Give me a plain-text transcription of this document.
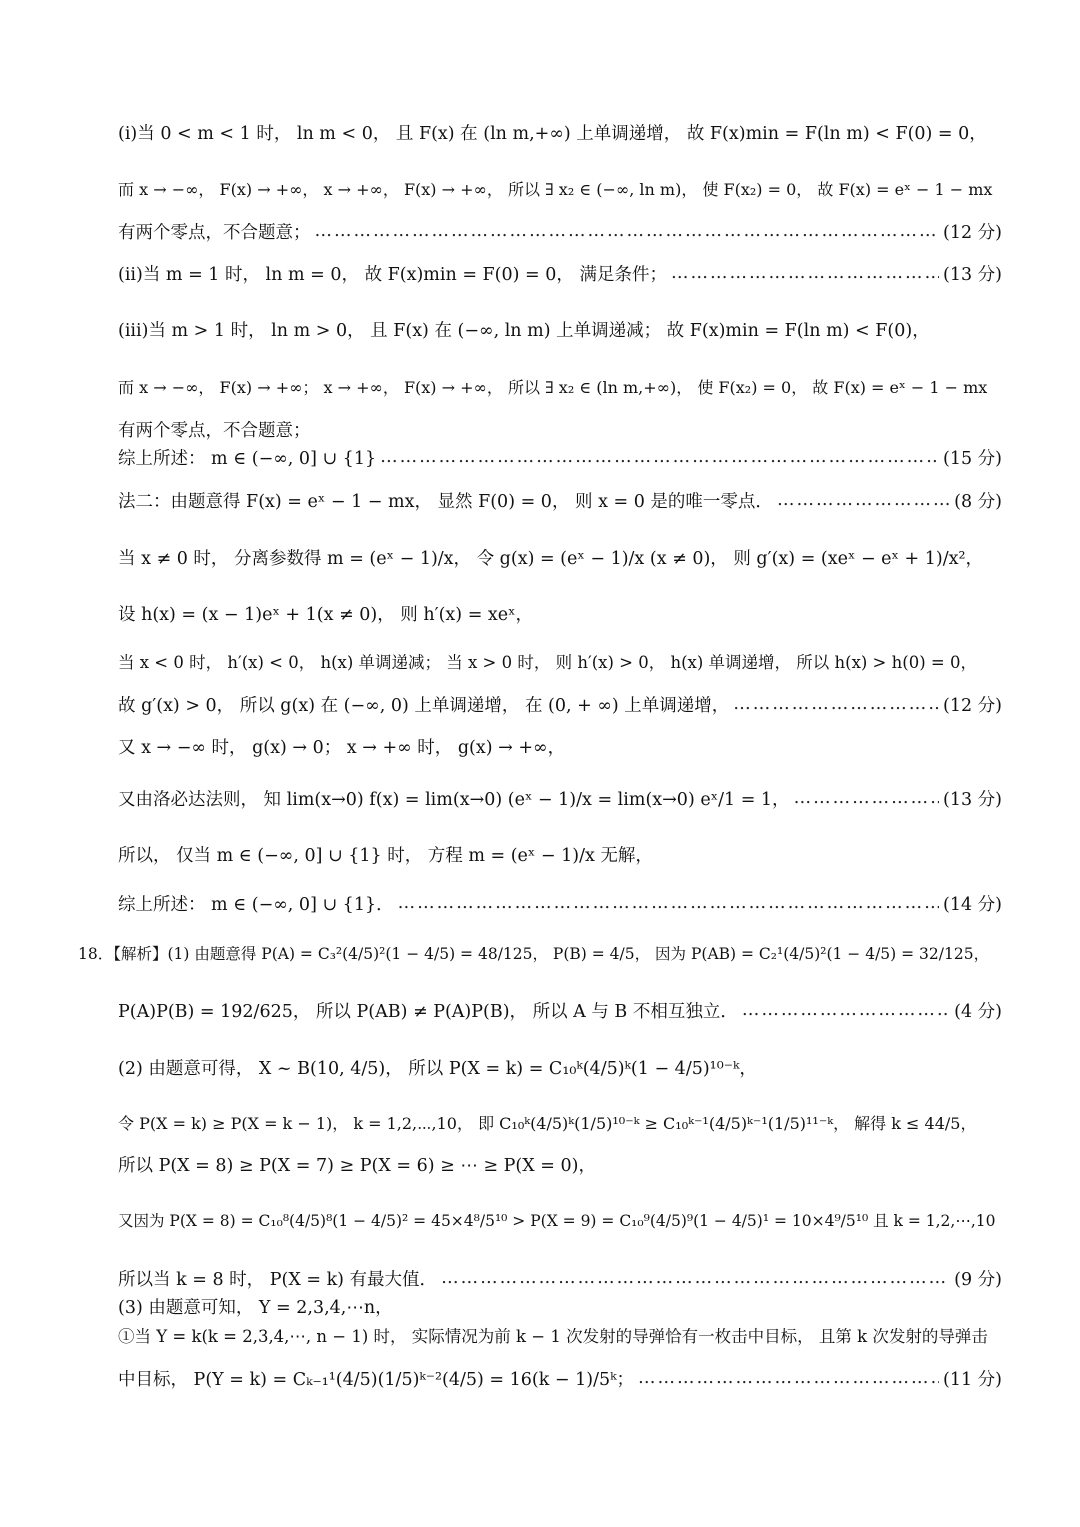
(i)当 0 < m < 1 时， ln m < 0， 且 F(x) 在 (ln m,+∞) 上单调递增， 故 F(x)min = F(ln m) < F(0) = 0，
而 x → −∞， F(x) → +∞， x → +∞， F(x) → +∞， 所以 ∃ x₂ ∈ (−∞, ln m)， 使 F(x₂) = 0， 故 F(x) = eˣ − 1 − mx
有两个零点，不合题意； …………………………………………………………………………………………………………………………………………………………………………………………………………………………………………………………	(12 分)
(ii)当 m = 1 时， ln m = 0， 故 F(x)min = F(0) = 0， 满足条件； …………………………………………………………………………………………………………………………………………………………………………………………………………………………………………………………	(13 分)
(iii)当 m > 1 时， ln m > 0， 且 F(x) 在 (−∞, ln m) 上单调递减； 故 F(x)min = F(ln m) < F(0)，
而 x → −∞， F(x) → +∞； x → +∞， F(x) → +∞， 所以 ∃ x₂ ∈ (ln m,+∞)， 使 F(x₂) = 0， 故 F(x) = eˣ − 1 − mx
有两个零点，不合题意；
综上所述： m ∈ (−∞, 0] ∪ {1} …………………………………………………………………………………………………………………………………………………………………………………………………………………………………………………………	(15 分)
法二：由题意得 F(x) = eˣ − 1 − mx， 显然 F(0) = 0， 则 x = 0 是的唯一零点． …………………………………………………………………………………………………………………………………………………………………………………………………………………………………………………………	(8 分)
当 x ≠ 0 时， 分离参数得 m = (eˣ − 1)/x， 令 g(x) = (eˣ − 1)/x (x ≠ 0)， 则 g′(x) = (xeˣ − eˣ + 1)/x²，
设 h(x) = (x − 1)eˣ + 1(x ≠ 0)， 则 h′(x) = xeˣ，
当 x < 0 时， h′(x) < 0， h(x) 单调递减； 当 x > 0 时， 则 h′(x) > 0， h(x) 单调递增， 所以 h(x) > h(0) = 0，
故 g′(x) > 0， 所以 g(x) 在 (−∞, 0) 上单调递增， 在 (0, + ∞) 上单调递增， …………………………………………………………………………………………………………………………………………………………………………………………………………………………………………………………	(12 分)
又 x → −∞ 时， g(x) → 0； x → +∞ 时， g(x) → +∞，
又由洛必达法则， 知 lim(x→0) f(x) = lim(x→0) (eˣ − 1)/x = lim(x→0) eˣ/1 = 1， …………………………………………………………………………………………………………………………………………………………………………………………………………………………………………………………	(13 分)
所以， 仅当 m ∈ (−∞, 0] ∪ {1} 时， 方程 m = (eˣ − 1)/x 无解，
综上所述： m ∈ (−∞, 0] ∪ {1}． …………………………………………………………………………………………………………………………………………………………………………………………………………………………………………………………	(14 分)
18．【解析】(1) 由题意得 P(A) = C₃²(4/5)²(1 − 4/5) = 48/125， P(B) = 4/5， 因为 P(AB) = C₂¹(4/5)²(1 − 4/5) = 32/125，
P(A)P(B) = 192/625， 所以 P(AB) ≠ P(A)P(B)， 所以 A 与 B 不相互独立． …………………………………………………………………………………………………………………………………………………………………………………………………………………………………………………………	(4 分)
(2) 由题意可得， X ~ B(10, 4/5)， 所以 P(X = k) = C₁₀ᵏ(4/5)ᵏ(1 − 4/5)¹⁰⁻ᵏ，
令 P(X = k) ≥ P(X = k − 1)， k = 1,2,⋯,10， 即 C₁₀ᵏ(4/5)ᵏ(1/5)¹⁰⁻ᵏ ≥ C₁₀ᵏ⁻¹(4/5)ᵏ⁻¹(1/5)¹¹⁻ᵏ， 解得 k ≤ 44/5，
所以 P(X = 8) ≥ P(X = 7) ≥ P(X = 6) ≥ ⋯ ≥ P(X = 0)，
又因为 P(X = 8) = C₁₀⁸(4/5)⁸(1 − 4/5)² = 45×4⁸/5¹⁰ > P(X = 9) = C₁₀⁹(4/5)⁹(1 − 4/5)¹ = 10×4⁹/5¹⁰ 且 k = 1,2,⋯,10
所以当 k = 8 时， P(X = k) 有最大值． …………………………………………………………………………………………………………………………………………………………………………………………………………………………………………………………	(9 分)
(3) 由题意可知， Y = 2,3,4,⋯n，
①当 Y = k(k = 2,3,4,⋯, n − 1) 时， 实际情况为前 k − 1 次发射的导弹恰有一枚击中目标， 且第 k 次发射的导弹击
中目标， P(Y = k) = Cₖ₋₁¹(4/5)(1/5)ᵏ⁻²(4/5) = 16(k − 1)/5ᵏ； …………………………………………………………………………………………………………………………………………………………………………………………………………………………………………………………	(11 分)
